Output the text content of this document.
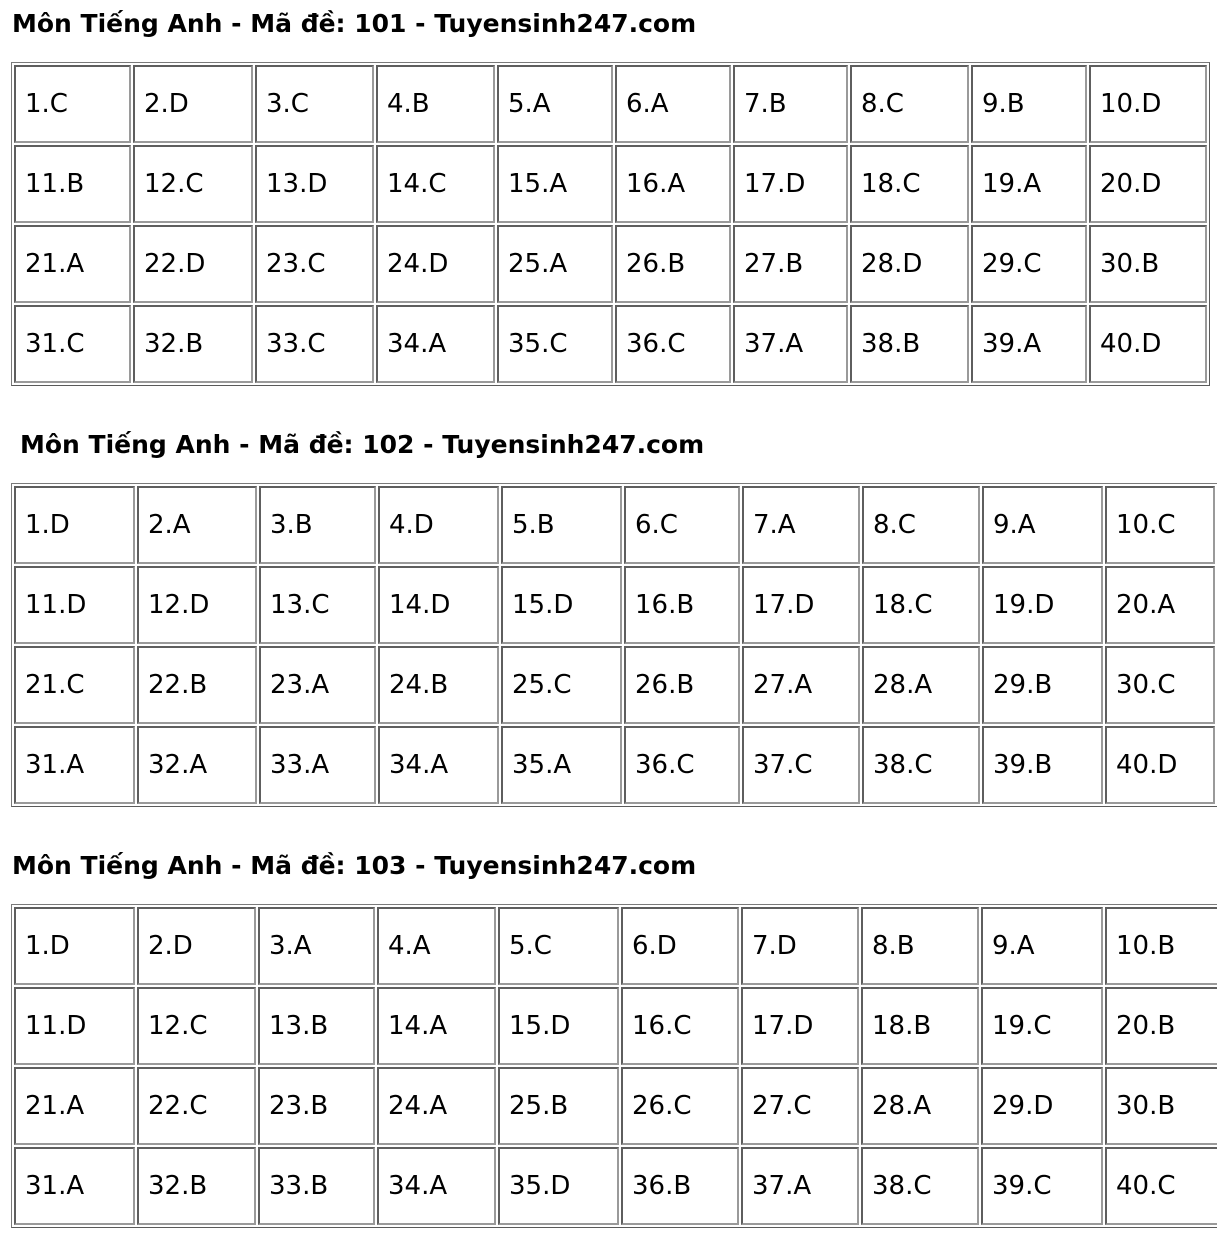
Môn Tiếng Anh - Mã đề: 101 - Tuyensinh247.com
1.C	2.D	3.C	4.B	5.A	6.A	7.B	8.C	9.B	10.D
11.B	12.C	13.D	14.C	15.A	16.A	17.D	18.C	19.A	20.D
21.A	22.D	23.C	24.D	25.A	26.B	27.B	28.D	29.C	30.B
31.C	32.B	33.C	34.A	35.C	36.C	37.A	38.B	39.A	40.D
Môn Tiếng Anh - Mã đề: 102 - Tuyensinh247.com
1.D	2.A	3.B	4.D	5.B	6.C	7.A	8.C	9.A	10.C
11.D	12.D	13.C	14.D	15.D	16.B	17.D	18.C	19.D	20.A
21.C	22.B	23.A	24.B	25.C	26.B	27.A	28.A	29.B	30.C
31.A	32.A	33.A	34.A	35.A	36.C	37.C	38.C	39.B	40.D
Môn Tiếng Anh - Mã đề: 103 - Tuyensinh247.com
1.D	2.D	3.A	4.A	5.C	6.D	7.D	8.B	9.A	10.B
11.D	12.C	13.B	14.A	15.D	16.C	17.D	18.B	19.C	20.B
21.A	22.C	23.B	24.A	25.B	26.C	27.C	28.A	29.D	30.B
31.A	32.B	33.B	34.A	35.D	36.B	37.A	38.C	39.C	40.C
